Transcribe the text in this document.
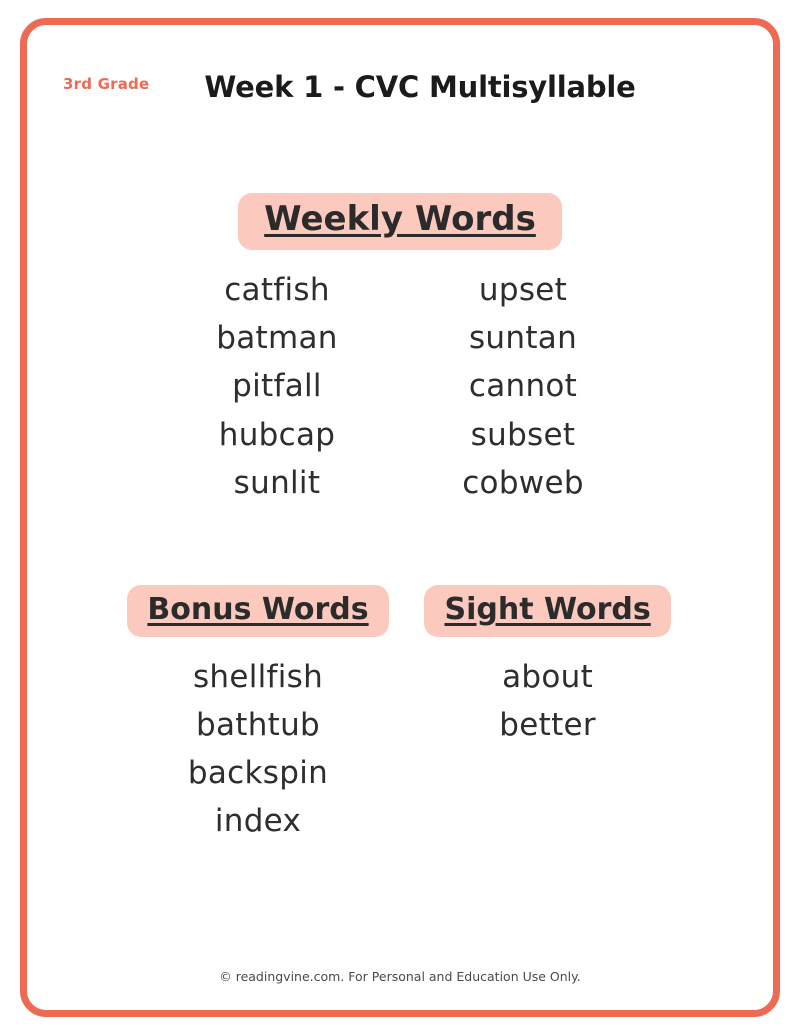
3rd Grade	Week 1 - CVC Multisyllable
Weekly Words
catfish
batman
pitfall
hubcap
sunlit
upset
suntan
cannot
subset
cobweb
Bonus Words
shellfish
bathtub
backspin
index
Sight Words
about
better
© readingvine.com. For Personal and Education Use Only.
